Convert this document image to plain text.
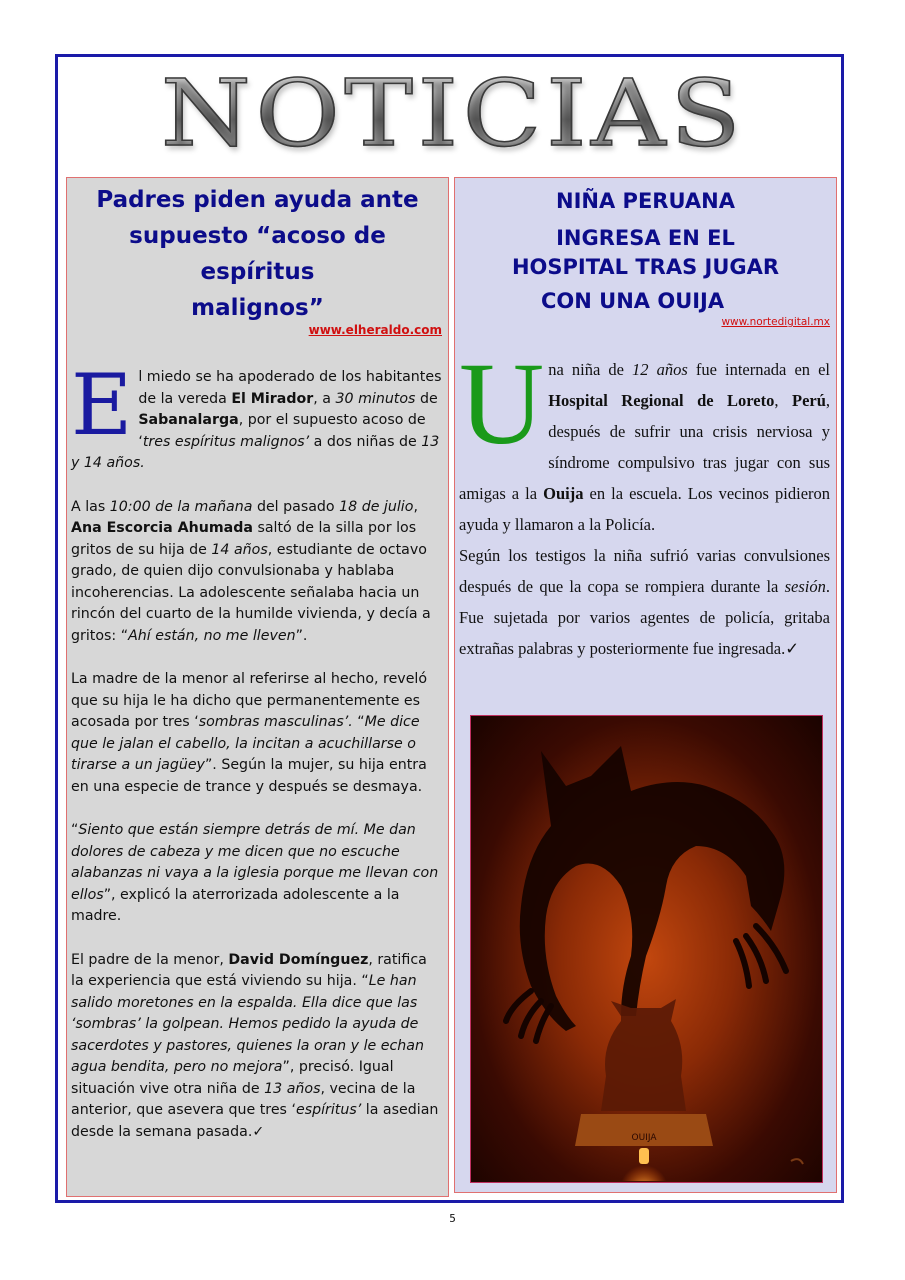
NOTICIAS
Padres piden ayuda ante
supuesto “acoso de espíritus
malignos”
www.elheraldo.com

El miedo se ha apoderado de los habitantes de la vereda El Mirador, a 30 minutos de Sabanalarga, por el supuesto acoso de ‘tres espíritus malignos’ a dos niñas de 13 y 14 años.

A las 10:00 de la mañana del pasado 18 de julio, Ana Escorcia Ahumada saltó de la silla por los gritos de su hija de 14 años, estudiante de octavo grado, de quien dijo convulsionaba y hablaba incoherencias. La adolescente señalaba hacia un rincón del cuarto de la humilde vivienda, y decía a gritos: “Ahí están, no me lleven”.

La madre de la menor al referirse al hecho, reveló que su hija le ha dicho que permanentemente es acosada por tres ‘sombras masculinas’. “Me dice que le jalan el cabello, la incitan a acuchillarse o tirarse a un jagüey”. Según la mujer, su hija entra en una especie de trance y después se desmaya.

“Siento que están siempre detrás de mí. Me dan dolores de cabeza y me dicen que no escuche alabanzas ni vaya a la iglesia porque me llevan con ellos”, explicó la aterrorizada adolescente a la madre.

El padre de la menor, David Domínguez, ratifica la experiencia que está viviendo su hija. “Le han salido moretones en la espalda. Ella dice que las ‘sombras’ la golpean. Hemos pedido la ayuda de sacerdotes y pastores, quienes la oran y le echan agua bendita, pero no mejora”, precisó. Igual situación vive otra niña de 13 años, vecina de la anterior, que asevera que tres ‘espíritus’ la asedian desde la semana pasada.✓

NIÑA PERUANA
INGRESA EN EL
HOSPITAL TRAS JUGAR
CON UNA OUIJA
www.nortedigital.mx

Una niña de 12 años fue internada en el Hospital Regional de Loreto, Perú, después de sufrir una crisis nerviosa y síndrome compulsivo tras jugar con sus amigas a la Ouija en la escuela. Los vecinos pidieron ayuda y llamaron a la Policía.

Según los testigos la niña sufrió varias convulsiones después de que la copa se rompiera durante la sesión. Fue sujetada por varios agentes de policía, gritaba extrañas palabras y posteriormente fue ingresada.✓

5
